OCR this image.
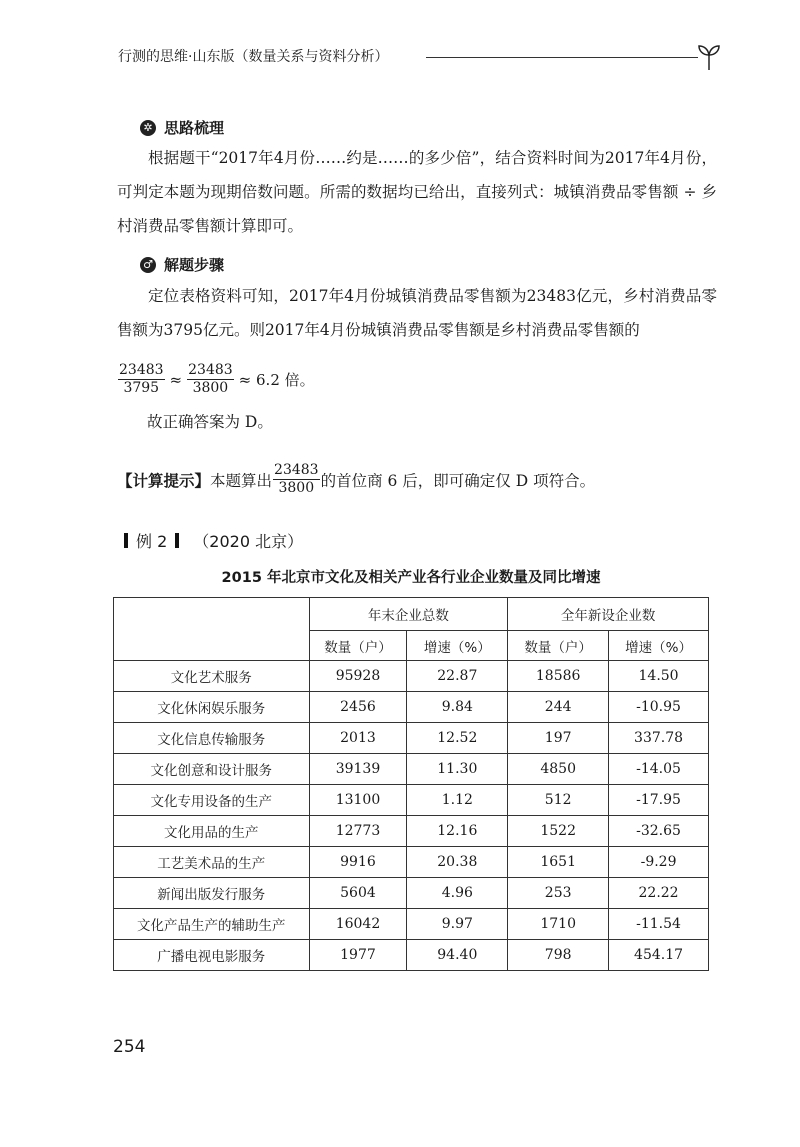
行测的思维·山东版（数量关系与资料分析）
✲ 思路梳理

根据题干“2017年4月份……约是……的多少倍”，结合资料时间为2017年4月份，可判定本题为现期倍数问题。所需的数据均已给出，直接列式：城镇消费品零售额 ÷ 乡村消费品零售额计算即可。

♂ 解题步骤

定位表格资料可知，2017年4月份城镇消费品零售额为23483亿元，乡村消费品零售额为3795亿元。则2017年4月份城镇消费品零售额是乡村消费品零售额的

$\frac{23483}{3795} \approx \frac{23483}{3800} \approx 6.2$ 倍。
故正确答案为 D。
【计算提示】 本题算出 $\frac{23483}{3800}$ 的首位商 6 后，即可确定仅 D 项符合。
例 2 （2020 北京）
2015 年北京市文化及相关产业各行业企业数量及同比增速
	年末企业总数		全年新设企业数	
	数量（户）	增速（%）	数量（户）	增速（%）
文化艺术服务	95928	22.87	18586	14.50
文化休闲娱乐服务	2456	9.84	244	-10.95
文化信息传输服务	2013	12.52	197	337.78
文化创意和设计服务	39139	11.30	4850	-14.05
文化专用设备的生产	13100	1.12	512	-17.95
文化用品的生产	12773	12.16	1522	-32.65
工艺美术品的生产	9916	20.38	1651	-9.29
新闻出版发行服务	5604	4.96	253	22.22
文化产品生产的辅助生产	16042	9.97	1710	-11.54
广播电视电影服务	1977	94.40	798	454.17
254
